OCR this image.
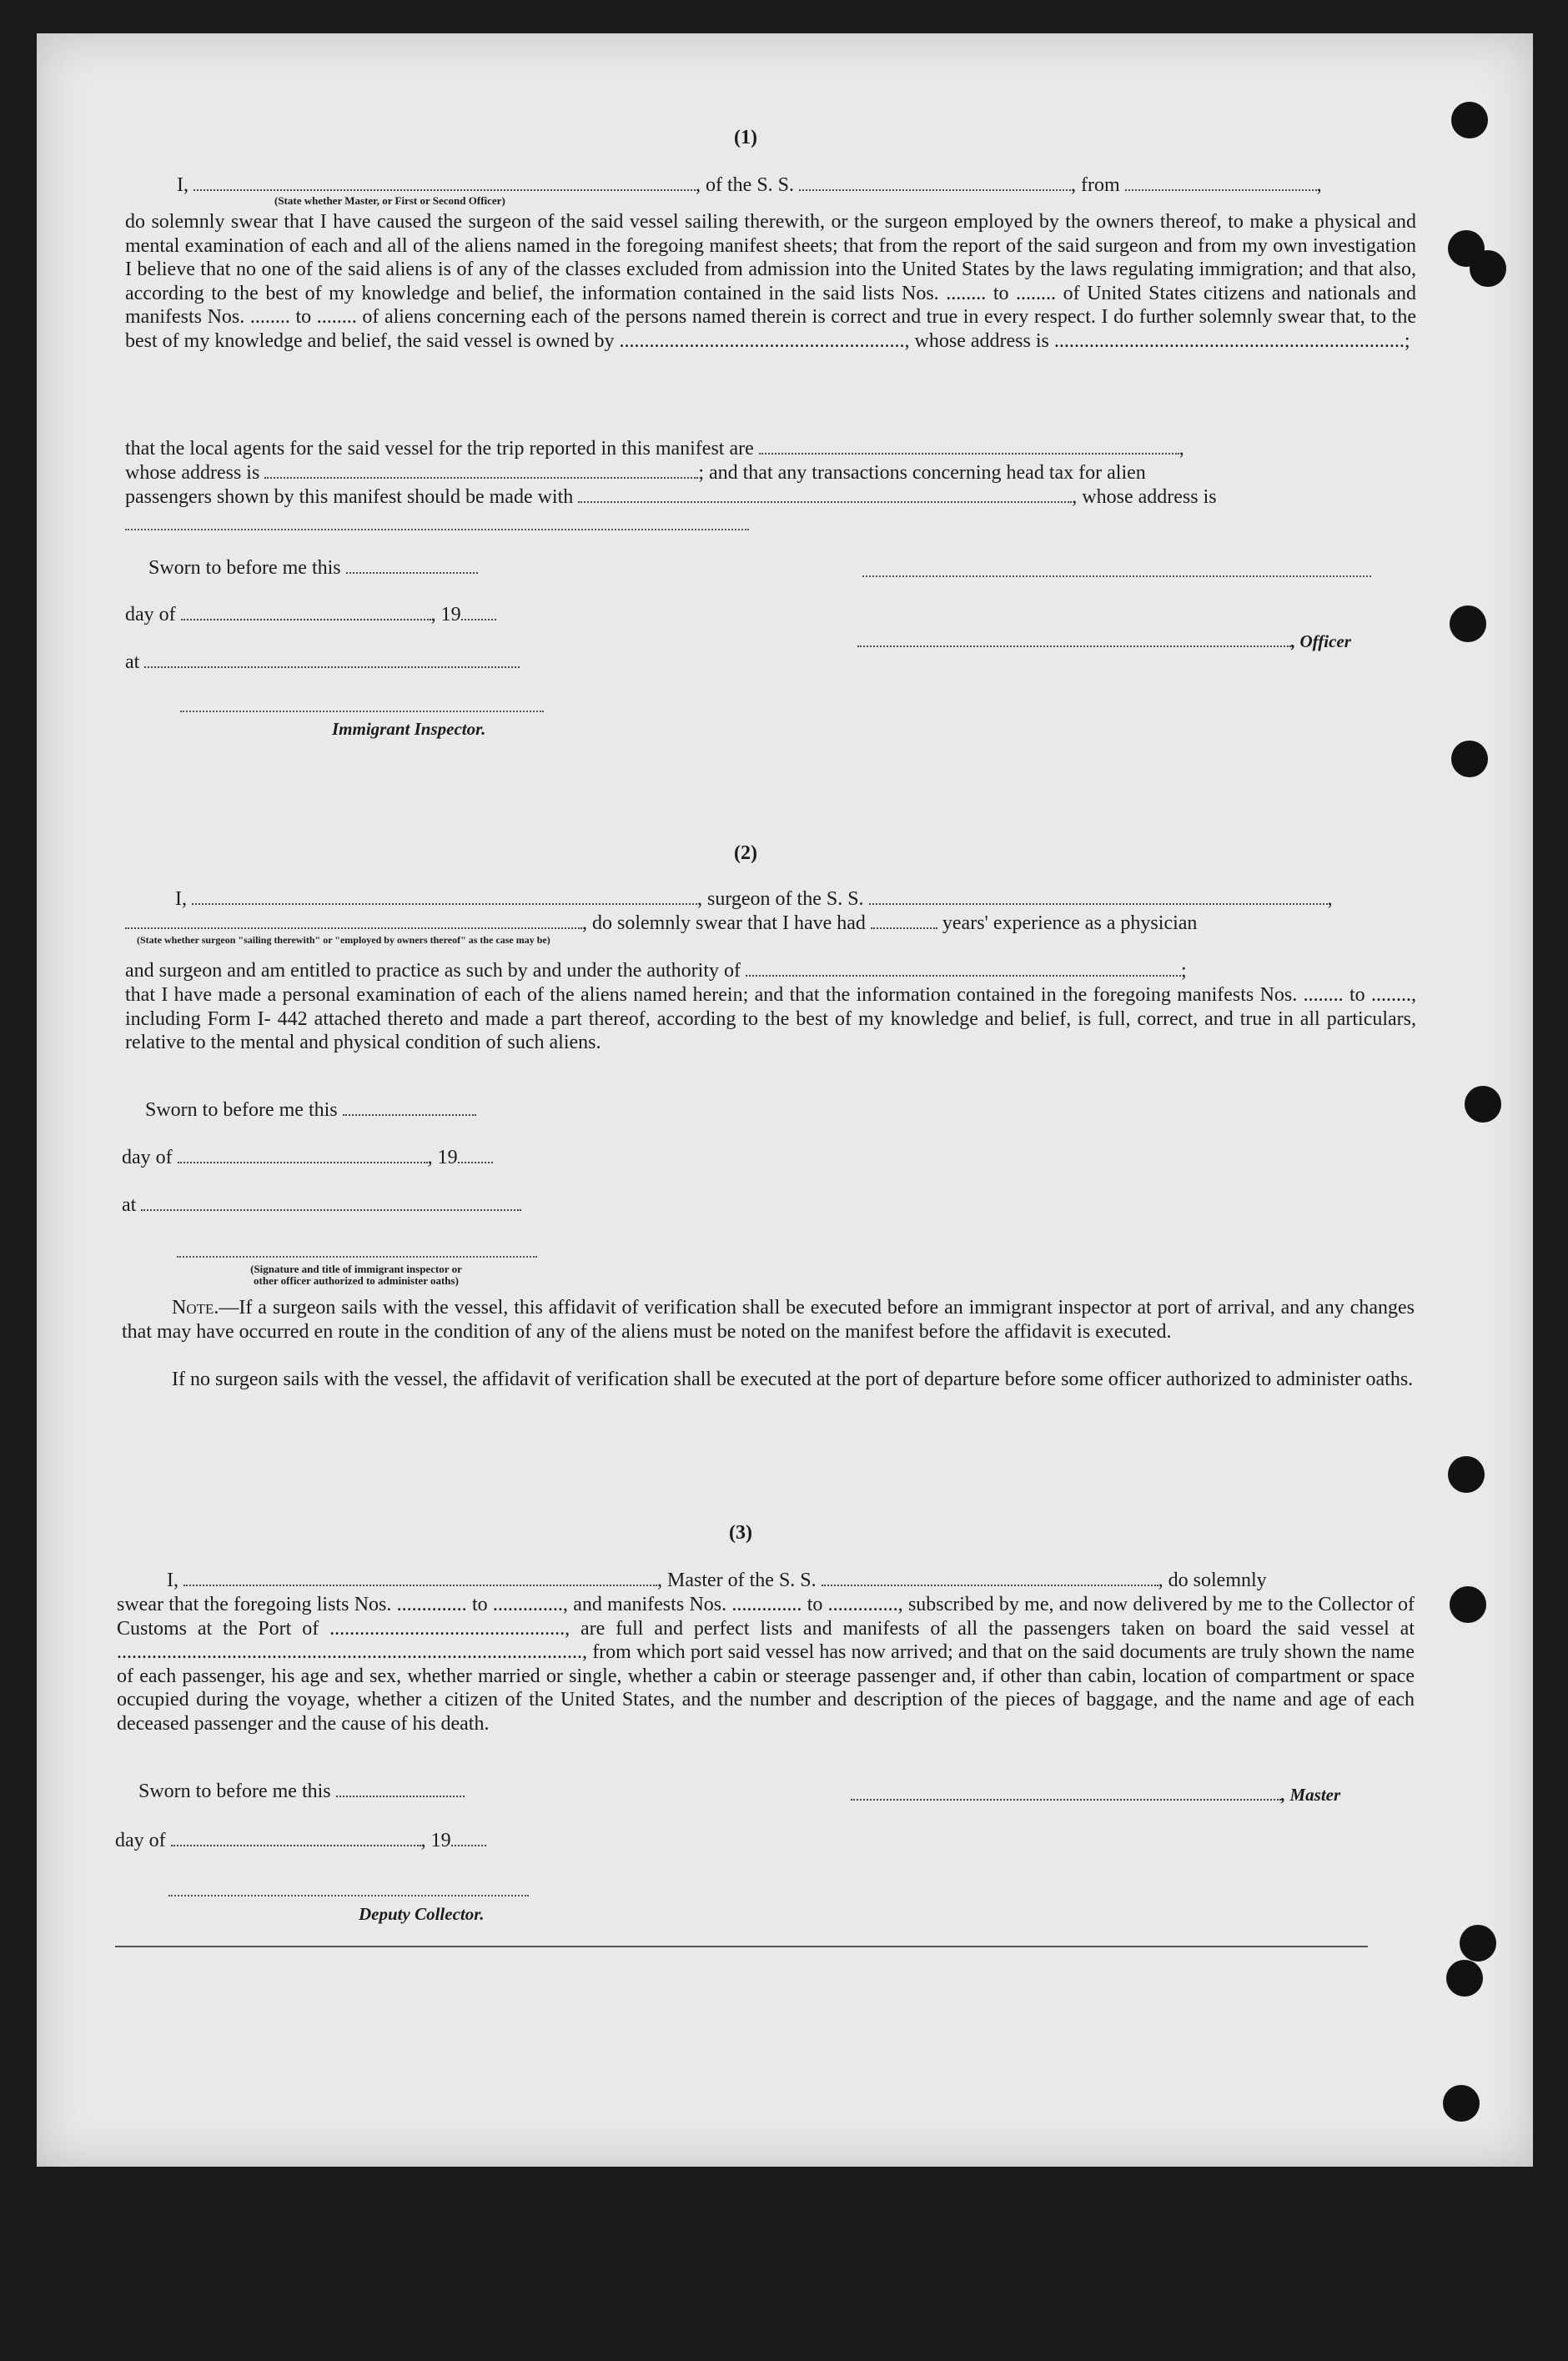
(1)
I,	, of the S. S.	, from	,
(State whether Master, or First or Second Officer)
do solemnly swear that I have caused the surgeon of the said vessel sailing therewith, or the surgeon employed by the owners thereof, to make a physical and mental examination of each and all of the aliens named in the foregoing manifest sheets; that from the report of the said surgeon and from my own investigation I believe that no one of the said aliens is of any of the classes excluded from admission into the United States by the laws regulating immigration; and that also, according to the best of my knowledge and belief, the information contained in the said lists Nos. ........ to ........ of United States citizens and nationals and manifests Nos. ........ to ........ of aliens concerning each of the persons named therein is correct and true in every respect. I do further solemnly swear that, to the best of my knowledge and belief, the said vessel is owned by ........................................................., whose address is ......................................................................;
that the local agents for the said vessel for the trip reported in this manifest are	,
whose address is	; and that any transactions concerning head tax for alien
passengers shown by this manifest should be made with	, whose address is
Sworn to before me this
day of	, 19
at
Immigrant Inspector.
, Officer
(2)
I,	, surgeon of the S. S.	,
, do solemnly swear that I have had	years' experience as a physician
(State whether surgeon "sailing therewith" or "employed by owners thereof" as the case may be)
and surgeon and am entitled to practice as such by and under the authority of	;
that I have made a personal examination of each of the aliens named herein; and that the information contained in the foregoing manifests Nos. ........ to ........, including Form I- 442 attached thereto and made a part thereof, according to the best of my knowledge and belief, is full, correct, and true in all particulars, relative to the mental and physical condition of such aliens.
Sworn to before me this
day of	, 19
at
(Signature and title of immigrant inspector or
other officer authorized to administer oaths)
Note.—If a surgeon sails with the vessel, this affidavit of verification shall be executed before an immigrant inspector at port of arrival, and any changes that may have occurred en route in the condition of any of the aliens must be noted on the manifest before the affidavit is executed.
If no surgeon sails with the vessel, the affidavit of verification shall be executed at the port of departure before some officer authorized to administer oaths.
(3)
I,	, Master of the S. S.	, do solemnly
swear that the foregoing lists Nos. .............. to .............., and manifests Nos. .............. to .............., subscribed by me, and now delivered by me to the Collector of Customs at the Port of ..............................................., are full and perfect lists and manifests of all the passengers taken on board the said vessel at ............................................................................................., from which port said vessel has now arrived; and that on the said documents are truly shown the name of each passenger, his age and sex, whether married or single, whether a cabin or steerage passenger and, if other than cabin, location of compartment or space occupied during the voyage, whether a citizen of the United States, and the number and description of the pieces of baggage, and the name and age of each deceased passenger and the cause of his death.
Sworn to before me this	, Master
day of	, 19
Deputy Collector.
